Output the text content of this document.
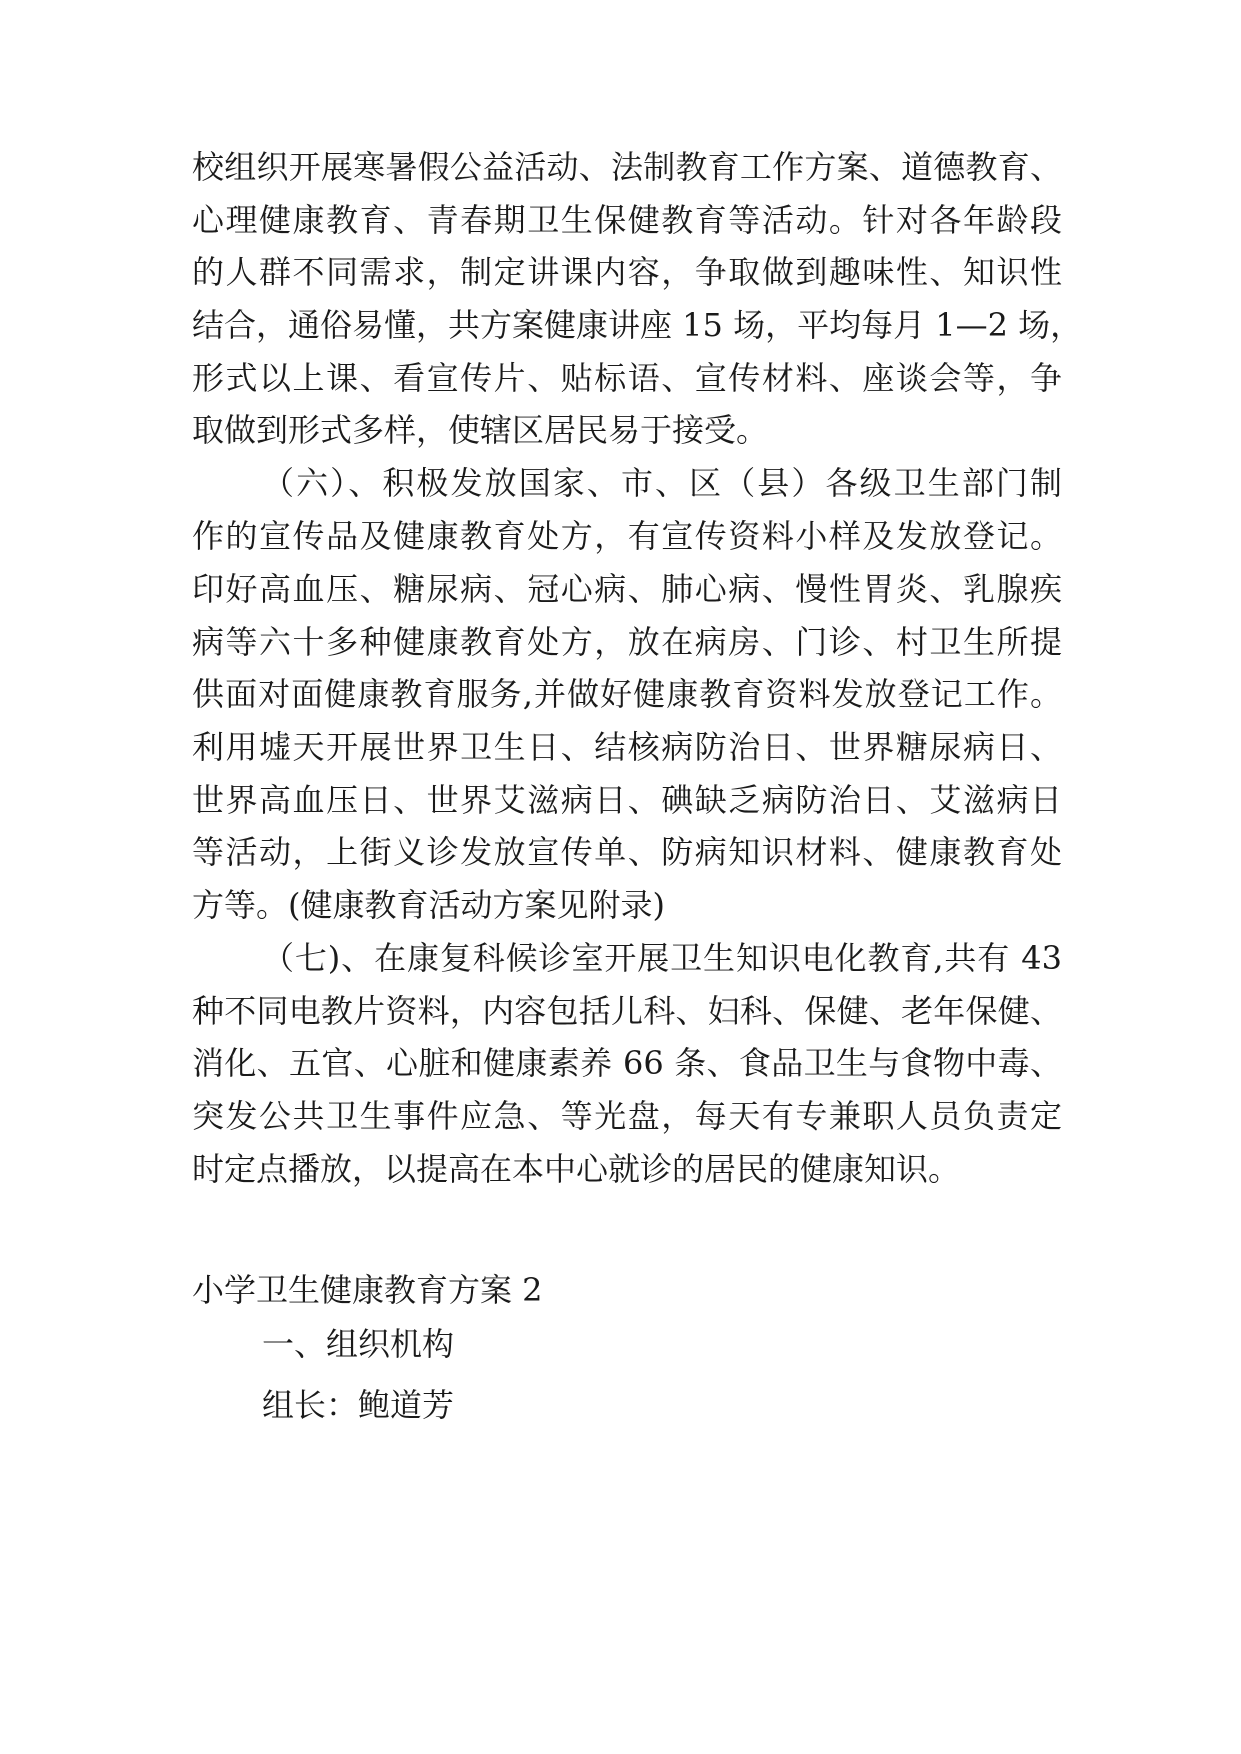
校组织开展寒暑假公益活动、法制教育工作方案、道德教育、
心理健康教育、青春期卫生保健教育等活动。针对各年龄段
的人群不同需求，制定讲课内容，争取做到趣味性、知识性
结合，通俗易懂，共方案健康讲座 15 场，平均每月 1—2 场，
形式以上课、看宣传片、贴标语、宣传材料、座谈会等，争
取做到形式多样，使辖区居民易于接受。
（六）、积极发放国家、市、区（县）各级卫生部门制
作的宣传品及健康教育处方，有宣传资料小样及发放登记。
印好高血压、糖尿病、冠心病、肺心病、慢性胃炎、乳腺疾
病等六十多种健康教育处方，放在病房、门诊、村卫生所提
供面对面健康教育服务,并做好健康教育资料发放登记工作。
利用墟天开展世界卫生日、结核病防治日、世界糖尿病日、
世界高血压日、世界艾滋病日、碘缺乏病防治日、艾滋病日
等活动，上街义诊发放宣传单、防病知识材料、健康教育处
方等。(健康教育活动方案见附录)
（七)、在康复科候诊室开展卫生知识电化教育,共有 43
种不同电教片资料，内容包括儿科、妇科、保健、老年保健、
消化、五官、心脏和健康素养 66 条、食品卫生与食物中毒、
突发公共卫生事件应急、等光盘，每天有专兼职人员负责定
时定点播放，以提高在本中心就诊的居民的健康知识。
小学卫生健康教育方案 2
一、组织机构
组长：鲍道芳
